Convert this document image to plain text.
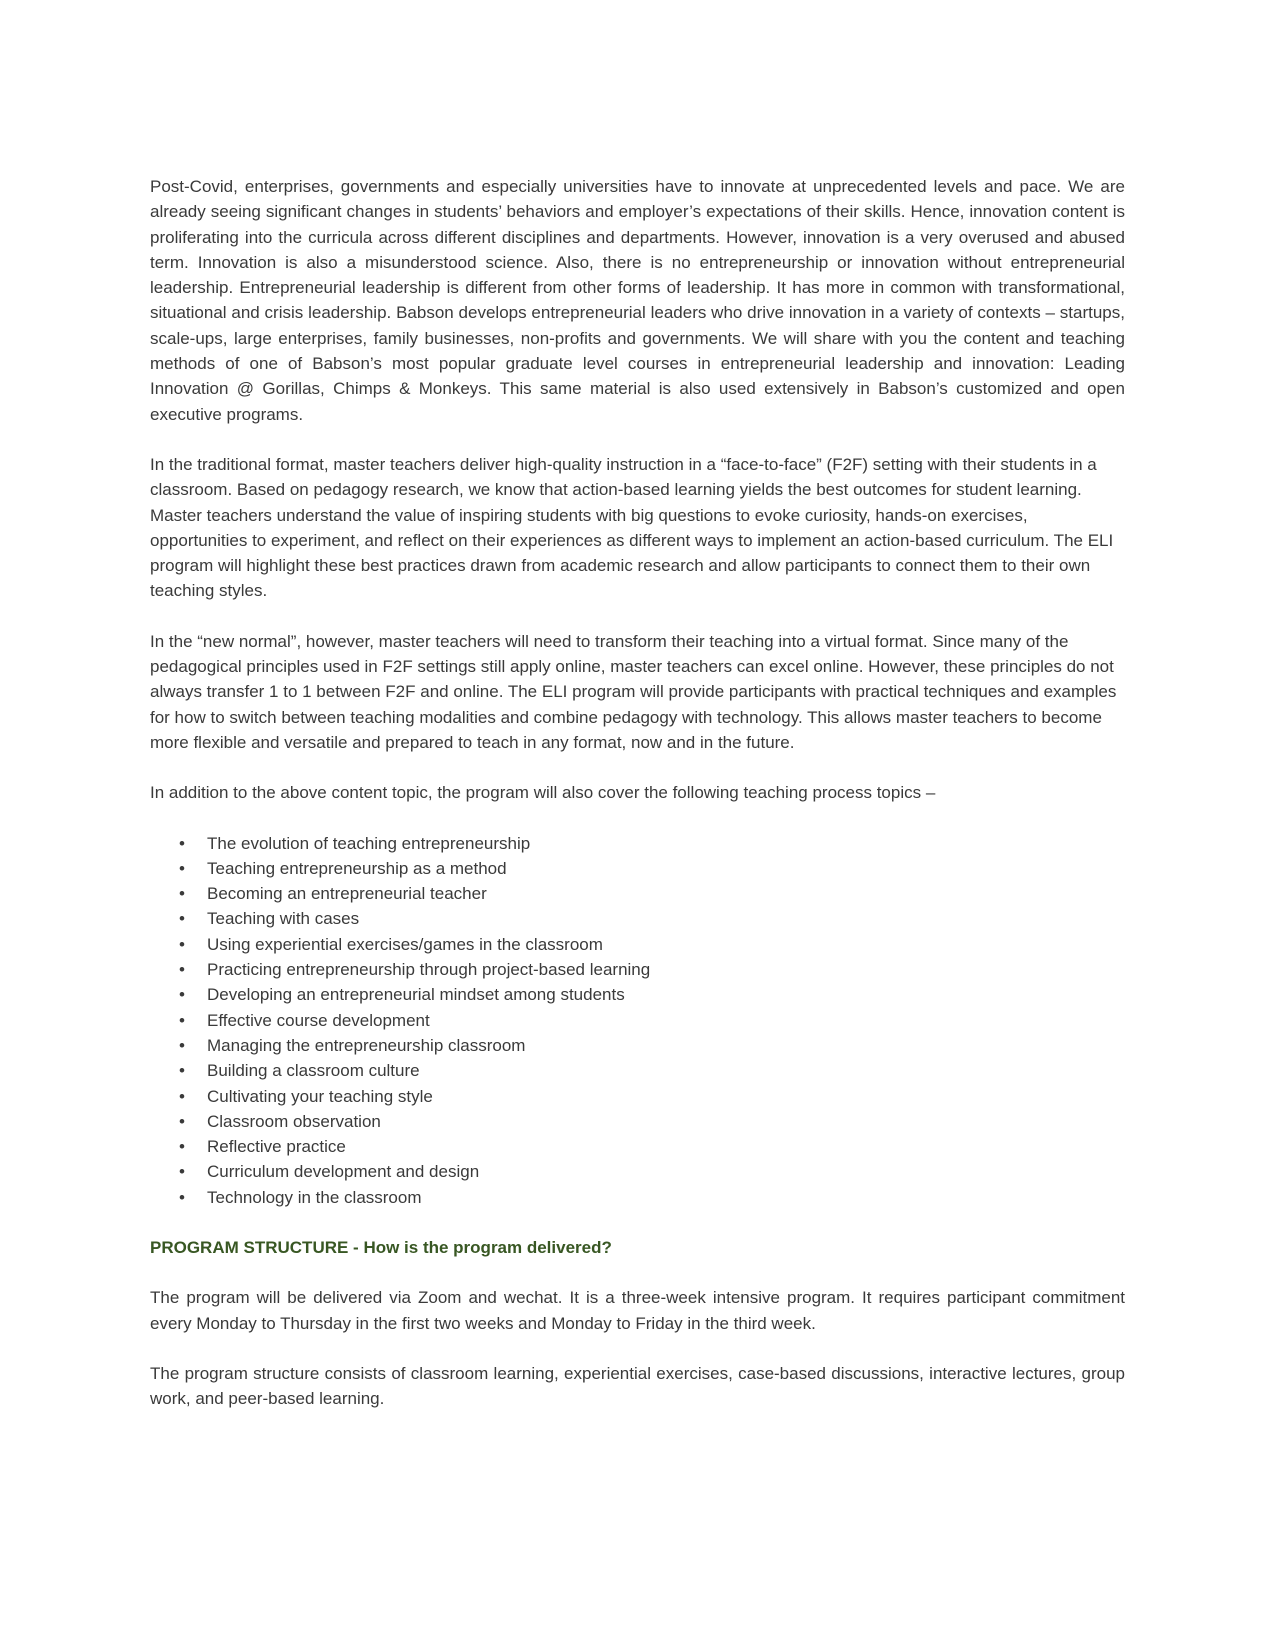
Post-Covid, enterprises, governments and especially universities have to innovate at unprecedented levels and pace. We are already seeing significant changes in students’ behaviors and employer’s expectations of their skills. Hence, innovation content is proliferating into the curricula across different disciplines and departments. However, innovation is a very overused and abused term. Innovation is also a misunderstood science. Also, there is no entrepreneurship or innovation without entrepreneurial leadership. Entrepreneurial leadership is different from other forms of leadership. It has more in common with transformational, situational and crisis leadership. Babson develops entrepreneurial leaders who drive innovation in a variety of contexts – startups, scale-ups, large enterprises, family businesses, non-profits and governments. We will share with you the content and teaching methods of one of Babson’s most popular graduate level courses in entrepreneurial leadership and innovation: Leading Innovation @ Gorillas, Chimps & Monkeys. This same material is also used extensively in Babson’s customized and open executive programs.

In the traditional format, master teachers deliver high-quality instruction in a “face-to-face” (F2F) setting with their students in a classroom. Based on pedagogy research, we know that action-based learning yields the best outcomes for student learning. Master teachers understand the value of inspiring students with big questions to evoke curiosity, hands-on exercises, opportunities to experiment, and reflect on their experiences as different ways to implement an action-based curriculum. The ELI program will highlight these best practices drawn from academic research and allow participants to connect them to their own teaching styles.

In the “new normal”, however, master teachers will need to transform their teaching into a virtual format. Since many of the pedagogical principles used in F2F settings still apply online, master teachers can excel online. However, these principles do not always transfer 1 to 1 between F2F and online. The ELI program will provide participants with practical techniques and examples for how to switch between teaching modalities and combine pedagogy with technology. This allows master teachers to become more flexible and versatile and prepared to teach in any format, now and in the future.

In addition to the above content topic, the program will also cover the following teaching process topics –

• The evolution of teaching entrepreneurship
• Teaching entrepreneurship as a method
• Becoming an entrepreneurial teacher
• Teaching with cases
• Using experiential exercises/games in the classroom
• Practicing entrepreneurship through project-based learning
• Developing an entrepreneurial mindset among students
• Effective course development
• Managing the entrepreneurship classroom
• Building a classroom culture
• Cultivating your teaching style
• Classroom observation
• Reflective practice
• Curriculum development and design
• Technology in the classroom
PROGRAM STRUCTURE - How is the program delivered?

The program will be delivered via Zoom and wechat. It is a three-week intensive program. It requires participant commitment every Monday to Thursday in the first two weeks and Monday to Friday in the third week.

The program structure consists of classroom learning, experiential exercises, case-based discussions, interactive lectures, group work, and peer-based learning.
